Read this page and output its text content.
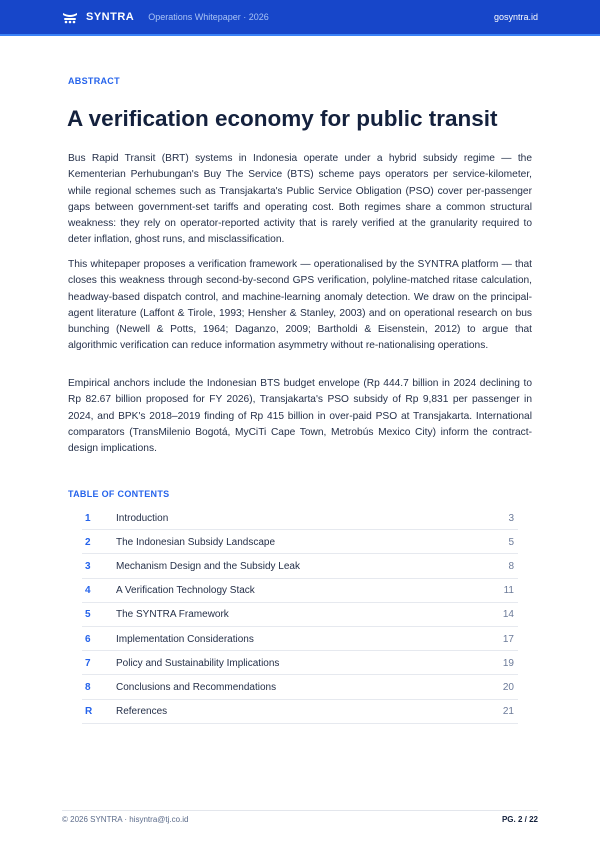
SYNTRA Operations Whitepaper · 2026	gosyntra.id
ABSTRACT
A verification economy for public transit

Bus Rapid Transit (BRT) systems in Indonesia operate under a hybrid subsidy regime — the Kementerian Perhubungan's Buy The Service (BTS) scheme pays operators per service-kilometer, while regional schemes such as Transjakarta's Public Service Obligation (PSO) cover per-passenger gaps between government-set tariffs and operating cost. Both regimes share a common structural weakness: they rely on operator-reported activity that is rarely verified at the granularity required to deter inflation, ghost runs, and misclassification.

This whitepaper proposes a verification framework — operationalised by the SYNTRA platform — that closes this weakness through second-by-second GPS verification, polyline-matched ritase calculation, headway-based dispatch control, and machine-learning anomaly detection. We draw on the principal-agent literature (Laffont & Tirole, 1993; Hensher & Stanley, 2003) and on operational research on bus bunching (Newell & Potts, 1964; Daganzo, 2009; Bartholdi & Eisenstein, 2012) to argue that algorithmic verification can reduce information asymmetry without re-nationalising operations.

Empirical anchors include the Indonesian BTS budget envelope (Rp 444.7 billion in 2024 declining to Rp 82.67 billion proposed for FY 2026), Transjakarta's PSO subsidy of Rp 9,831 per passenger in 2024, and BPK's 2018–2019 finding of Rp 415 billion in over-paid PSO at Transjakarta. International comparators (TransMilenio Bogotá, MyCiTi Cape Town, Metrobús Mexico City) inform the contract-design implications.

TABLE OF CONTENTS
1	Introduction	3
2	The Indonesian Subsidy Landscape	5
3	Mechanism Design and the Subsidy Leak	8
4	A Verification Technology Stack	11
5	The SYNTRA Framework	14
6	Implementation Considerations	17
7	Policy and Sustainability Implications	19
8	Conclusions and Recommendations	20
R	References	21
© 2026 SYNTRA · hisyntra@tj.co.id	PG. 2 / 22
